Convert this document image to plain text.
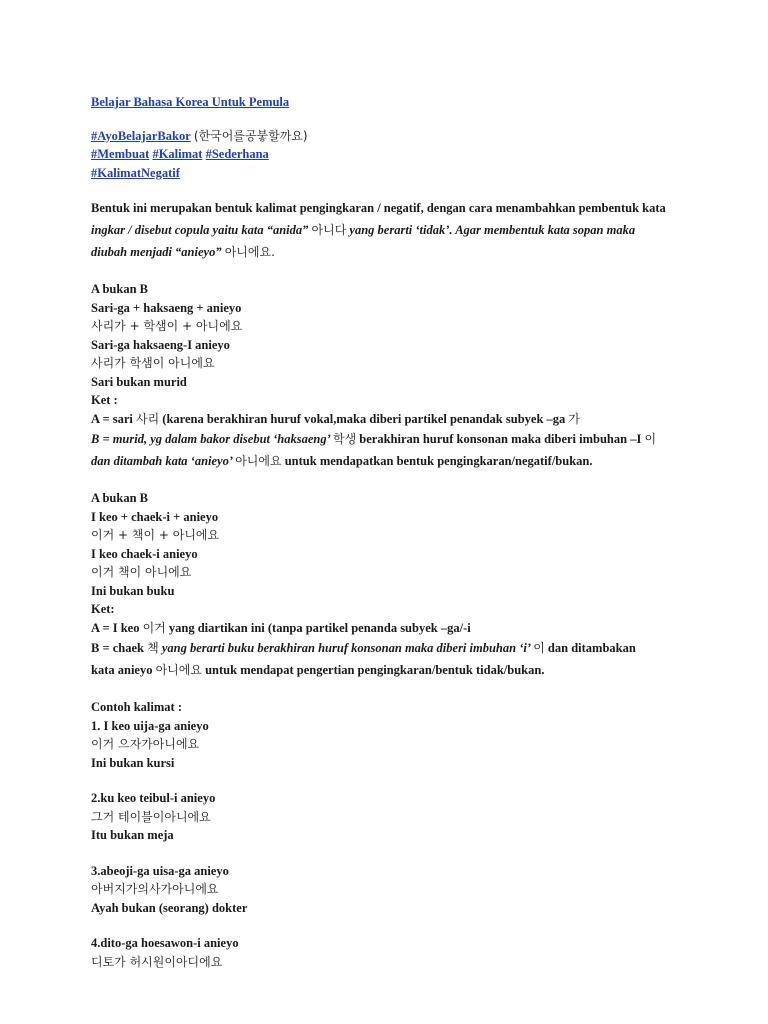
Belajar Bahasa Korea Untuk Pemula

#AyoBelajarBakor (한국어를공붛할까요)

#Membuat #Kalimat #Sederhana

#KalimatNegatif

Bentuk ini merupakan bentuk kalimat pengingkaran / negatif, dengan cara menambahkan pembentuk kata

ingkar / disebut copula yaitu kata “anida” 아니다 yang berarti ‘tidak’. Agar membentuk kata sopan maka

diubah menjadi “anieyo” 아니에요.

A bukan B

Sari-ga + haksaeng + anieyo

사리가 + 학샘이 + 아니에요

Sari-ga haksaeng-I anieyo

사리가 학샘이 아니에요

Sari bukan murid

Ket :

A = sari 사리 (karena berakhiran huruf vokal,maka diberi partikel penandak subyek –ga 가

B = murid, yg dalam bakor disebut ‘haksaeng’ 학생 berakhiran huruf konsonan maka diberi imbuhan –I 이

dan ditambah kata ‘anieyo’ 아니에요 untuk mendapatkan bentuk pengingkaran/negatif/bukan.

A bukan B

I keo + chaek-i + anieyo

이거 + 책이 + 아니에요

I keo chaek-i anieyo

이거 책이 아니에요

Ini bukan buku

Ket:

A = I keo 이거 yang diartikan ini (tanpa partikel penanda subyek –ga/-i

B = chaek 책 yang berarti buku berakhiran huruf konsonan maka diberi imbuhan ‘i’ 이 dan ditambakan

kata anieyo 아니에요 untuk mendapat pengertian pengingkaran/bentuk tidak/bukan.

Contoh kalimat :

1. I keo uija-ga anieyo

이거 으자가아니에요

Ini bukan kursi

2.ku keo teibul-i anieyo

그거 테이블이아니에요

Itu bukan meja

3.abeoji-ga uisa-ga anieyo

아버지가의사가아니에요

Ayah bukan (seorang) dokter

4.dito-ga hoesawon-i anieyo

디토가 허시원이아디에요
